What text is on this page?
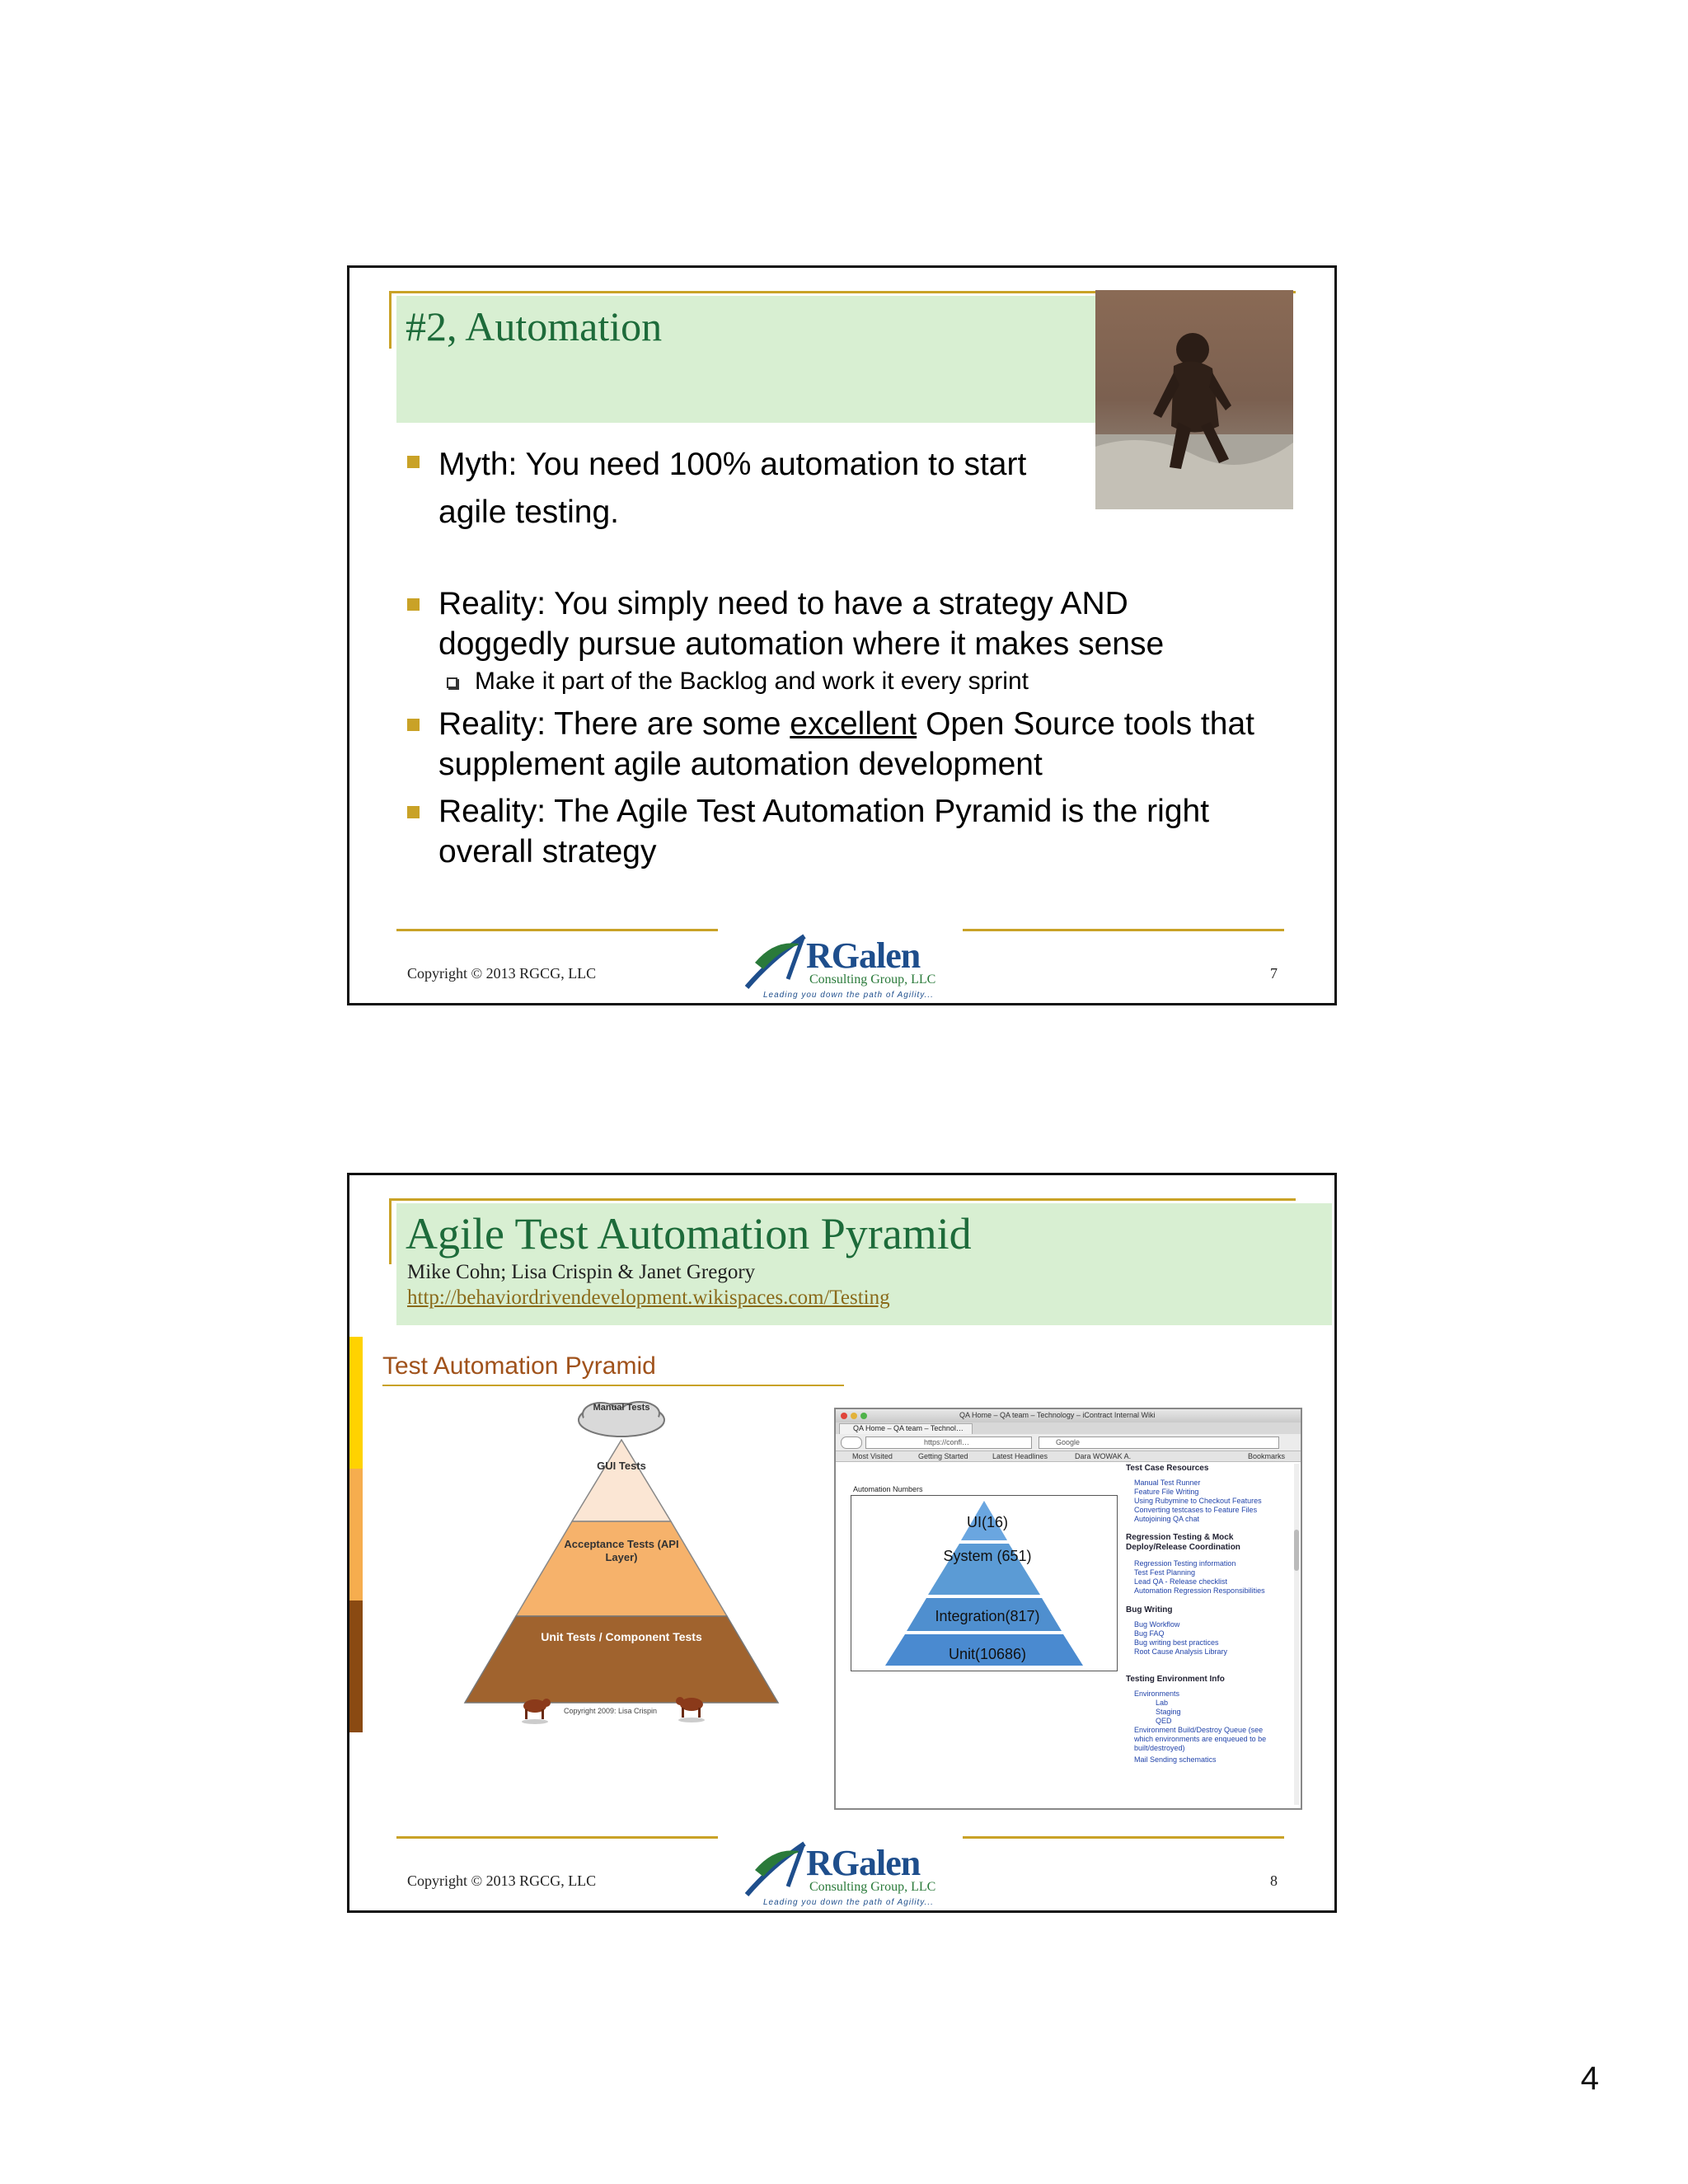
#2, Automation
Myth: You need 100% automation to start agile testing.
Reality: You simply need to have a strategy AND doggedly pursue automation where it makes sense
Make it part of the Backlog and work it every sprint
Reality: There are some excellent Open Source tools that supplement agile automation development
Reality: The Agile Test Automation Pyramid is the right overall strategy
Copyright © 2013 RGCG, LLC	7
RGalen
Consulting Group, LLC
Leading you down the path of Agility...
Agile Test Automation Pyramid
Mike Cohn; Lisa Crispin & Janet Gregory
http://behaviordrivendevelopment.wikispaces.com/Testing
Test Automation Pyramid
Manual Tests
GUI Tests
Acceptance Tests (API Layer)
Unit Tests / Component Tests
Copyright 2009: Lisa Crispin
QA Home – QA team – Technology – iContract Internal Wiki
QA Home – QA team – Technol…
https://confl…	Google
Most Visited	Getting Started	Latest Headlines	Dara WOWAK A.	Bookmarks
Automation Numbers
UI(16)
System (651)
Integration(817)
Unit(10686)
Test Case Resources
Manual Test Runner
Feature File Writing
Using Rubymine to Checkout Features
Converting testcases to Feature Files
Autojoining QA chat
Regression Testing & Mock Deploy/Release Coordination
Regression Testing information
Test Fest Planning
Lead QA - Release checklist
Automation Regression Responsibilities
Bug Writing
Bug Workflow
Bug FAQ
Bug writing best practices
Root Cause Analysis Library
Testing Environment Info
Environments
Lab
Staging
QED
Environment Build/Destroy Queue (see which environments are enqueued to be built/destroyed)
Mail Sending schematics
Copyright © 2013 RGCG, LLC	8
RGalen
Consulting Group, LLC
Leading you down the path of Agility...
4
